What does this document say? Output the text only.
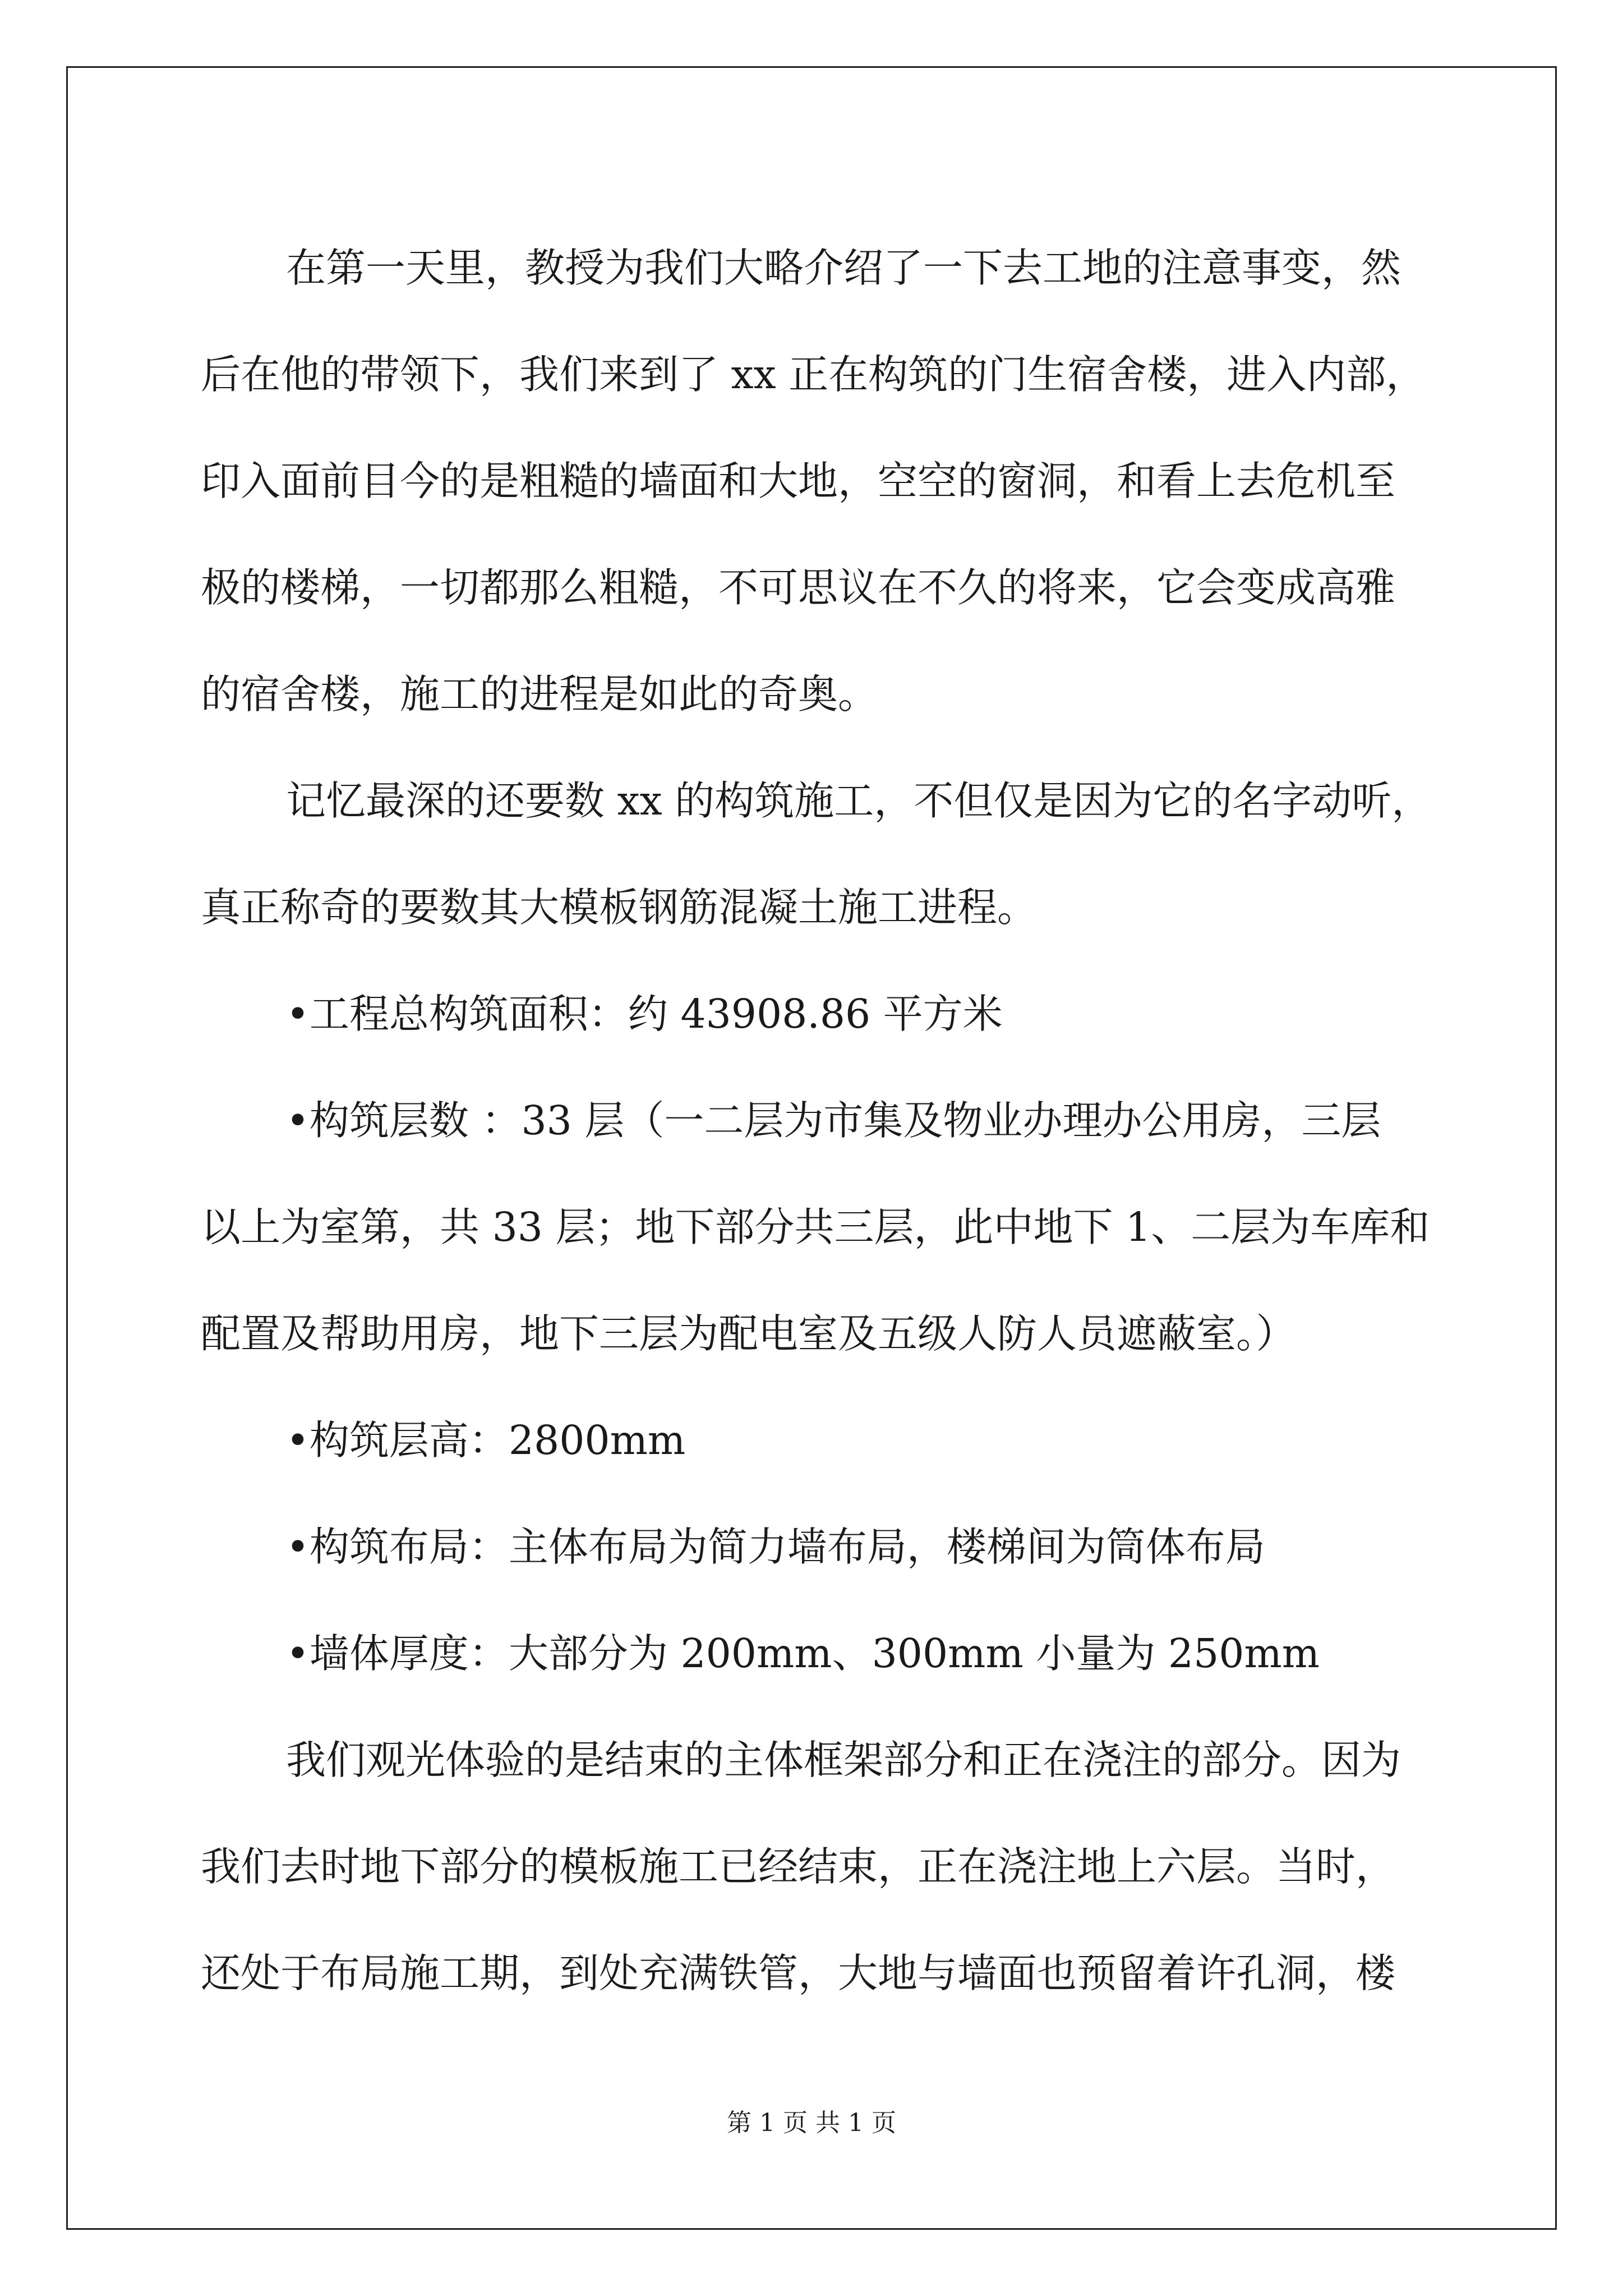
在第一天里，教授为我们大略介绍了一下去工地的注意事变，然
后在他的带领下，我们来到了 xx 正在构筑的门生宿舍楼，进入内部，
印入面前目今的是粗糙的墙面和大地，空空的窗洞，和看上去危机至
极的楼梯，一切都那么粗糙，不可思议在不久的将来，它会变成高雅
的宿舍楼，施工的进程是如此的奇奥。
记忆最深的还要数 xx 的构筑施工，不但仅是因为它的名字动听，
真正称奇的要数其大模板钢筋混凝土施工进程。
•工程总构筑面积：约 43908.86 平方米
•构筑层数 ：33 层（一二层为市集及物业办理办公用房，三层
以上为室第，共 33 层；地下部分共三层，此中地下 1、二层为车库和
配置及帮助用房，地下三层为配电室及五级人防人员遮蔽室。）
•构筑层高：2800mm
•构筑布局：主体布局为简力墙布局，楼梯间为筒体布局
•墙体厚度：大部分为 200mm、300mm 小量为 250mm
我们观光体验的是结束的主体框架部分和正在浇注的部分。因为
我们去时地下部分的模板施工已经结束，正在浇注地上六层。当时，
还处于布局施工期，到处充满铁管，大地与墙面也预留着许孔洞，楼
第 1 页 共 1 页
